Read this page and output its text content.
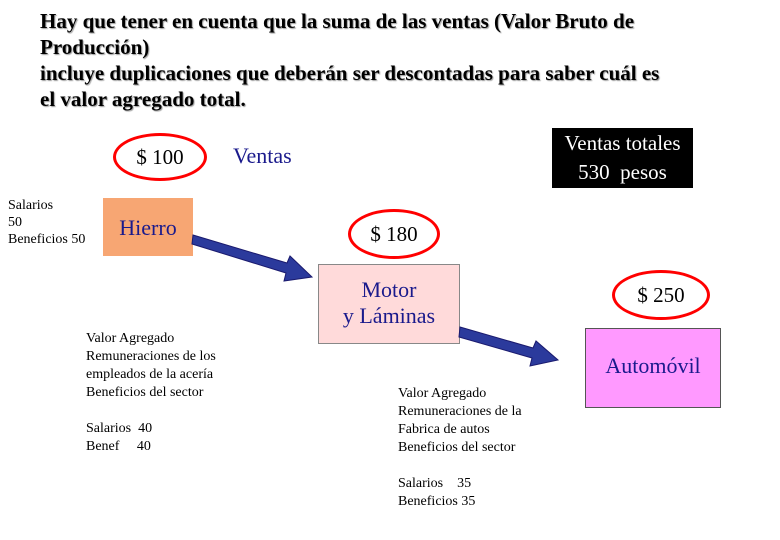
Hay que tener en cuenta que la suma de las ventas (Valor Bruto de
Producción)
incluye duplicaciones que deberán ser descontadas para saber cuál es
el valor agregado total.
Ventas totales
530  pesos
$ 100 Ventas
Salarios
50
Beneficios 50 Hierro	$ 180
Motor
y Láminas
$ 250
Automóvil
Valor Agregado
Remuneraciones de los
empleados de la acería
Beneficios del sector
Salarios  40
Benef     40
Valor Agregado
Remuneraciones de la
Fabrica de autos
Beneficios del sector
Salarios    35
Beneficios 35
